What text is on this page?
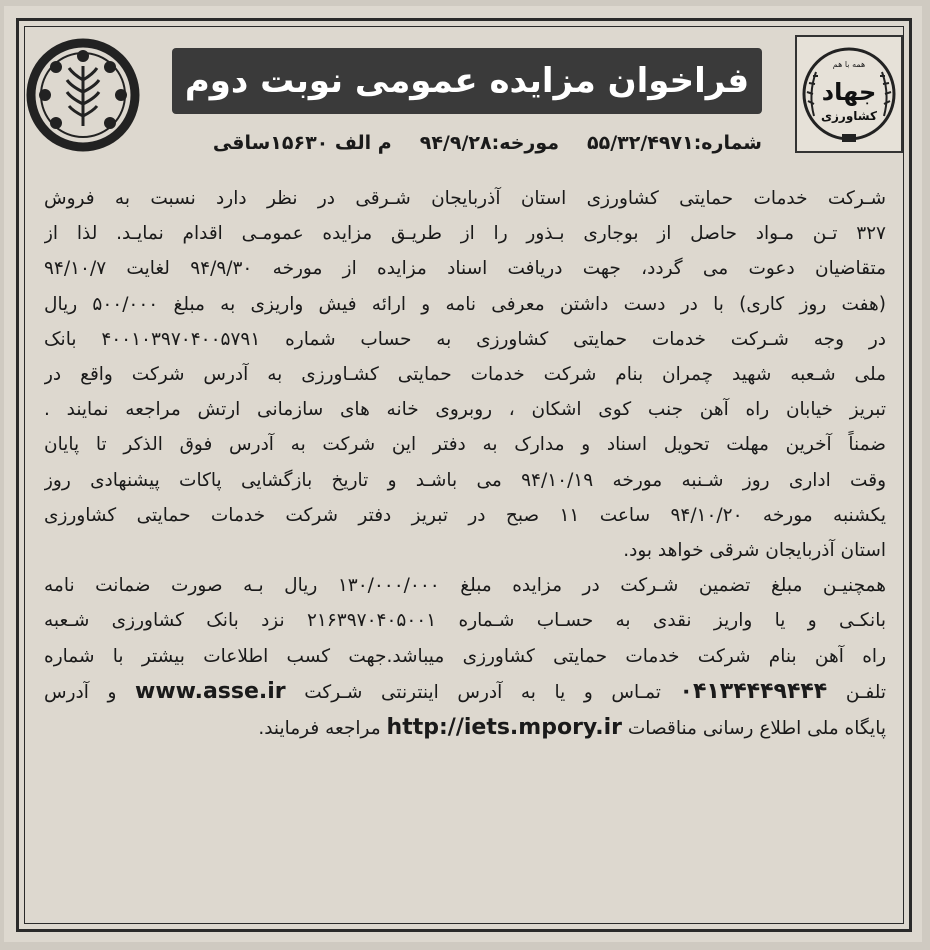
همه با هم
جهاد
کشاورزی
فراخوان مزایده عمومی نوبت دوم
شماره:۵۵/۳۲/۴۹۷۱
مورخه:۹۴/۹/۲۸
م الف ۱۵۶۳۰ساقی
شـرکت خدمات حمایتی کشاورزی استان آذربایجان شـرقی در نظر دارد نسبت به فروش
۳۲۷ تـن مـواد حاصل از بوجاری بـذور را از طریـق مزایده عمومـی اقدام نمایـد. لذا از
متقاضیان دعوت می گردد، جهت دریافت اسناد مزایده از مورخه ۹۴/۹/۳۰ لغایت ۹۴/۱۰/۷
(هفت روز کاری) با در دست داشتن معرفی نامه و ارائه فیش واریزی به مبلغ ۵۰۰/۰۰۰ ریال
در وجه شـرکت خدمات حمایتی کشاورزی به حساب شماره ۴۰۰۱۰۳۹۷۰۴۰۰۵۷۹۱ بانک
ملی شـعبه شهید چمران بنام شرکت خدمات حمایتی کشـاورزی به آدرس شرکت واقع در
تبریز خیابان راه آهن جنب کوی اشکان ، روبروی خانه های سازمانی ارتش مراجعه نمایند .
ضمناً آخرین مهلت تحویل اسناد و مدارک به دفتر این شرکت به آدرس فوق الذکر تا پایان
وقت اداری روز شـنبه مورخه ۹۴/۱۰/۱۹ می باشـد و تاریخ بازگشایی پاکات پیشنهادی روز
یکشنبه مورخه ۹۴/۱۰/۲۰ ساعت ۱۱ صبح در تبریز دفتر شرکت خدمات حمایتی کشاورزی
استان آذربایجان شرقی خواهد بود.
همچنیـن مبلغ تضمین شـرکت در مزایده مبلغ ۱۳۰/۰۰۰/۰۰۰ ریال بـه صورت ضمانت نامه
بانکـی و یا واریز نقدی به حسـاب شـماره ۲۱۶۳۹۷۰۴۰۵۰۰۱ نزد بانک کشاورزی شـعبه
راه آهن بنام شرکت خدمات حمایتی کشاورزی میباشد.جهت کسب اطلاعات بیشتر با شماره
تلفـن ۰۴۱۳۴۴۴۹۴۴۴ تمـاس و یا به آدرس اینترنتی شـرکت www.asse.ir و آدرس
پایگاه ملی اطلاع رسانی مناقصات http://iets.mpory.ir مراجعه فرمایند.
